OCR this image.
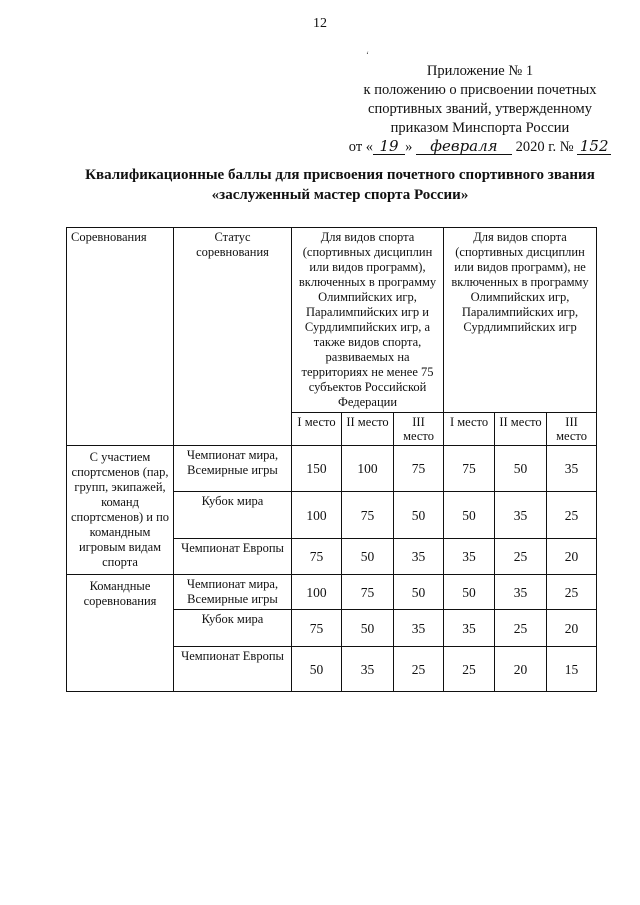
12
ʻ
Приложение № 1
к положению о присвоении почетных
спортивных званий, утвержденному
приказом Минспорта России
от « 19 » февраля 2020 г. № 152
Квалификационные баллы для присвоения почетного спортивного звания
«заслуженный мастер спорта России»
Соревнования	Статус соревнования	Для видов спорта (спортивных дисциплин или видов программ), включенных в программу Олимпийских игр, Паралимпийских игр и Сурдлимпийских игр, а также видов спорта, развиваемых на территориях не менее 75 субъектов Российской Федерации			Для видов спорта (спортивных дисциплин или видов программ), не включенных в программу Олимпийских игр, Паралимпийских игр, Сурдлимпийских игр		
		I место	II место	III место	I место	II место	III место
С участием спортсменов (пар, групп, экипажей, команд спортсменов) и по командным игровым видам спорта	Чемпионат мира, Всемирные игры	150	100	75	75	50	35
	Кубок мира	100	75	50	50	35	25
	Чемпионат Европы	75	50	35	35	25	20
Командные соревнования	Чемпионат мира, Всемирные игры	100	75	50	50	35	25
	Кубок мира	75	50	35	35	25	20
	Чемпионат Европы	50	35	25	25	20	15
